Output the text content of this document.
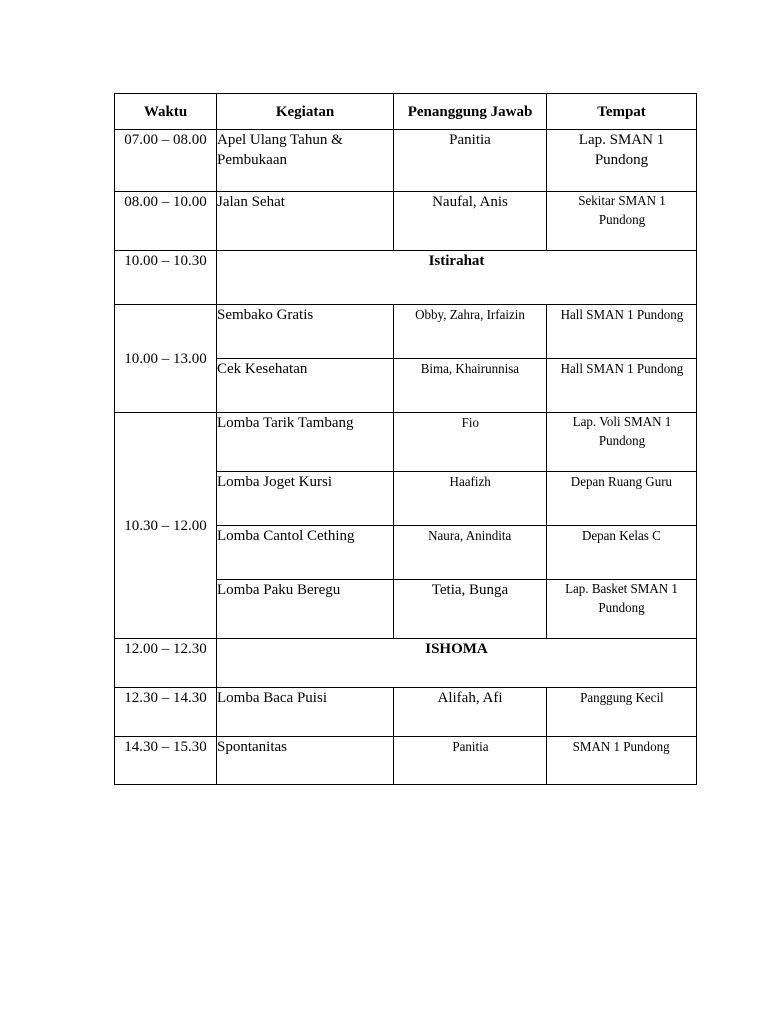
Waktu	Kegiatan	Penanggung Jawab	Tempat
07.00 – 08.00	Apel Ulang Tahun & Pembukaan	Panitia	Lap. SMAN 1 Pundong
08.00 – 10.00	Jalan Sehat	Naufal, Anis	Sekitar SMAN 1 Pundong
10.00 – 10.30	Istirahat		
10.00 – 13.00	Sembako Gratis	Obby, Zahra, Irfaizin	Hall SMAN 1 Pundong
	Cek Kesehatan	Bima, Khairunnisa	Hall SMAN 1 Pundong
10.30 – 12.00	Lomba Tarik Tambang	Fio	Lap. Voli SMAN 1 Pundong
	Lomba Joget Kursi	Haafizh	Depan Ruang Guru
	Lomba Cantol Cething	Naura, Anindita	Depan Kelas C
	Lomba Paku Beregu	Tetia, Bunga	Lap. Basket SMAN 1 Pundong
12.00 – 12.30	ISHOMA		
12.30 – 14.30	Lomba Baca Puisi	Alifah, Afi	Panggung Kecil
14.30 – 15.30	Spontanitas	Panitia	SMAN 1 Pundong
